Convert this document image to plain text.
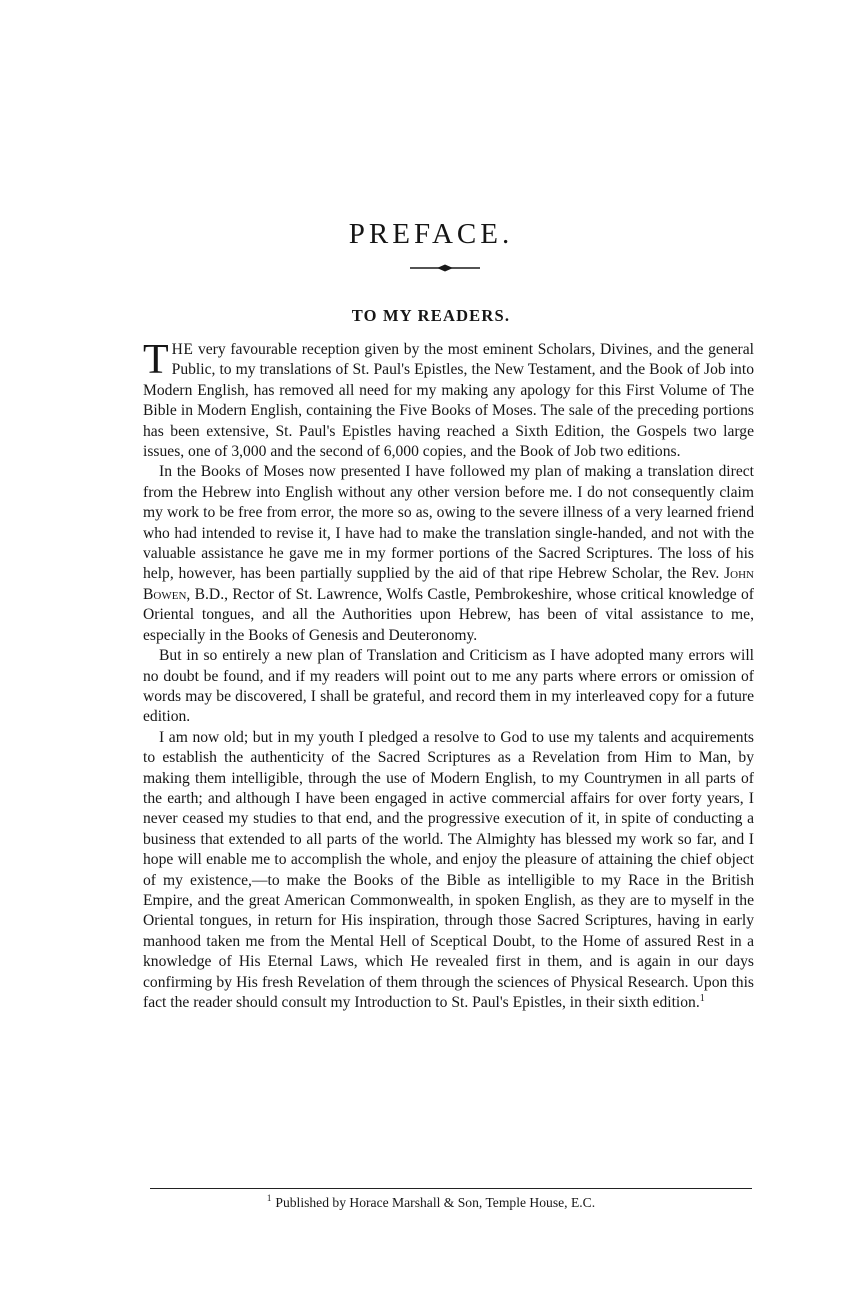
PREFACE.
TO MY READERS.

THE very favourable reception given by the most eminent Scholars, Divines, and the general Public, to my translations of St. Paul's Epistles, the New Testament, and the Book of Job into Modern English, has removed all need for my making any apology for this First Volume of The Bible in Modern English, containing the Five Books of Moses. The sale of the preceding portions has been extensive, St. Paul's Epistles having reached a Sixth Edition, the Gospels two large issues, one of 3,000 and the second of 6,000 copies, and the Book of Job two editions.

In the Books of Moses now presented I have followed my plan of making a translation direct from the Hebrew into English without any other version before me. I do not consequently claim my work to be free from error, the more so as, owing to the severe illness of a very learned friend who had intended to revise it, I have had to make the translation single-handed, and not with the valuable assistance he gave me in my former portions of the Sacred Scriptures. The loss of his help, however, has been partially supplied by the aid of that ripe Hebrew Scholar, the Rev. John Bowen, B.D., Rector of St. Lawrence, Wolfs Castle, Pembrokeshire, whose critical knowledge of Oriental tongues, and all the Authorities upon Hebrew, has been of vital assistance to me, especially in the Books of Genesis and Deuteronomy.

But in so entirely a new plan of Translation and Criticism as I have adopted many errors will no doubt be found, and if my readers will point out to me any parts where errors or omission of words may be discovered, I shall be grateful, and record them in my interleaved copy for a future edition.

I am now old; but in my youth I pledged a resolve to God to use my talents and acquirements to establish the authenticity of the Sacred Scriptures as a Revelation from Him to Man, by making them intelligible, through the use of Modern English, to my Countrymen in all parts of the earth; and although I have been engaged in active commercial affairs for over forty years, I never ceased my studies to that end, and the progressive execution of it, in spite of conducting a business that extended to all parts of the world. The Almighty has blessed my work so far, and I hope will enable me to accomplish the whole, and enjoy the pleasure of attaining the chief object of my existence,—to make the Books of the Bible as intelligible to my Race in the British Empire, and the great American Commonwealth, in spoken English, as they are to myself in the Oriental tongues, in return for His inspiration, through those Sacred Scriptures, having in early manhood taken me from the Mental Hell of Sceptical Doubt, to the Home of assured Rest in a knowledge of His Eternal Laws, which He revealed first in them, and is again in our days confirming by His fresh Revelation of them through the sciences of Physical Research. Upon this fact the reader should consult my Introduction to St. Paul's Epistles, in their sixth edition.$^1$

$^1$ Published by Horace Marshall & Son, Temple House, E.C.
